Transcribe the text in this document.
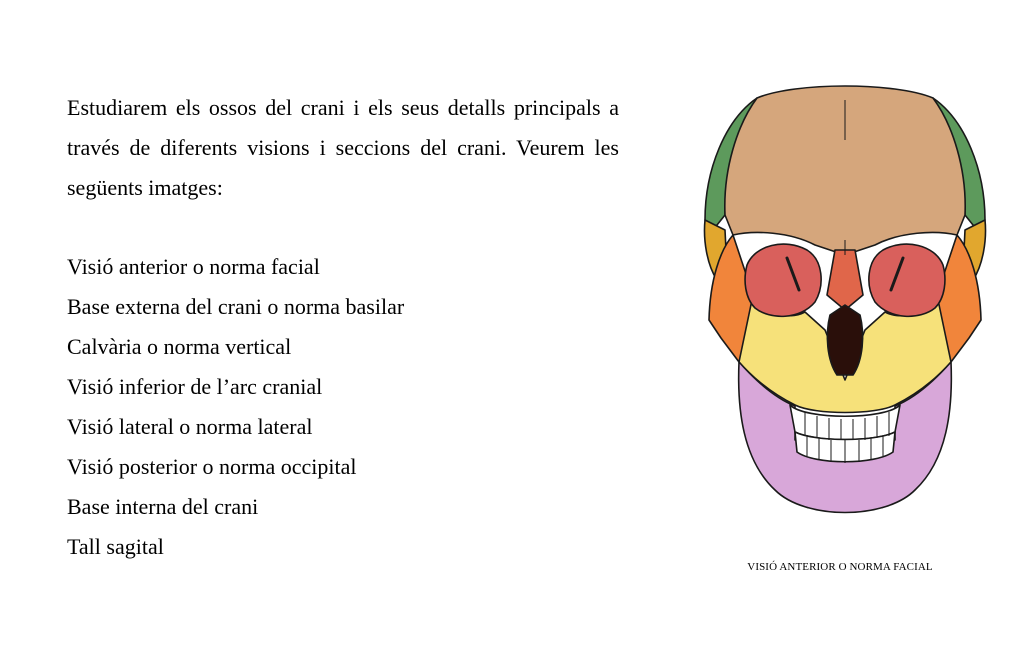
Estudiarem els ossos del crani i els seus detalls principals a través de diferents visions i seccions del crani. Veurem les següents imatges:

Visió anterior o norma facial
Base externa del crani o norma basilar
Calvària o norma vertical
Visió inferior de l’arc cranial
Visió lateral o norma lateral
Visió posterior o norma occipital
Base interna del crani
Tall sagital

VISIÓ ANTERIOR O NORMA FACIAL
